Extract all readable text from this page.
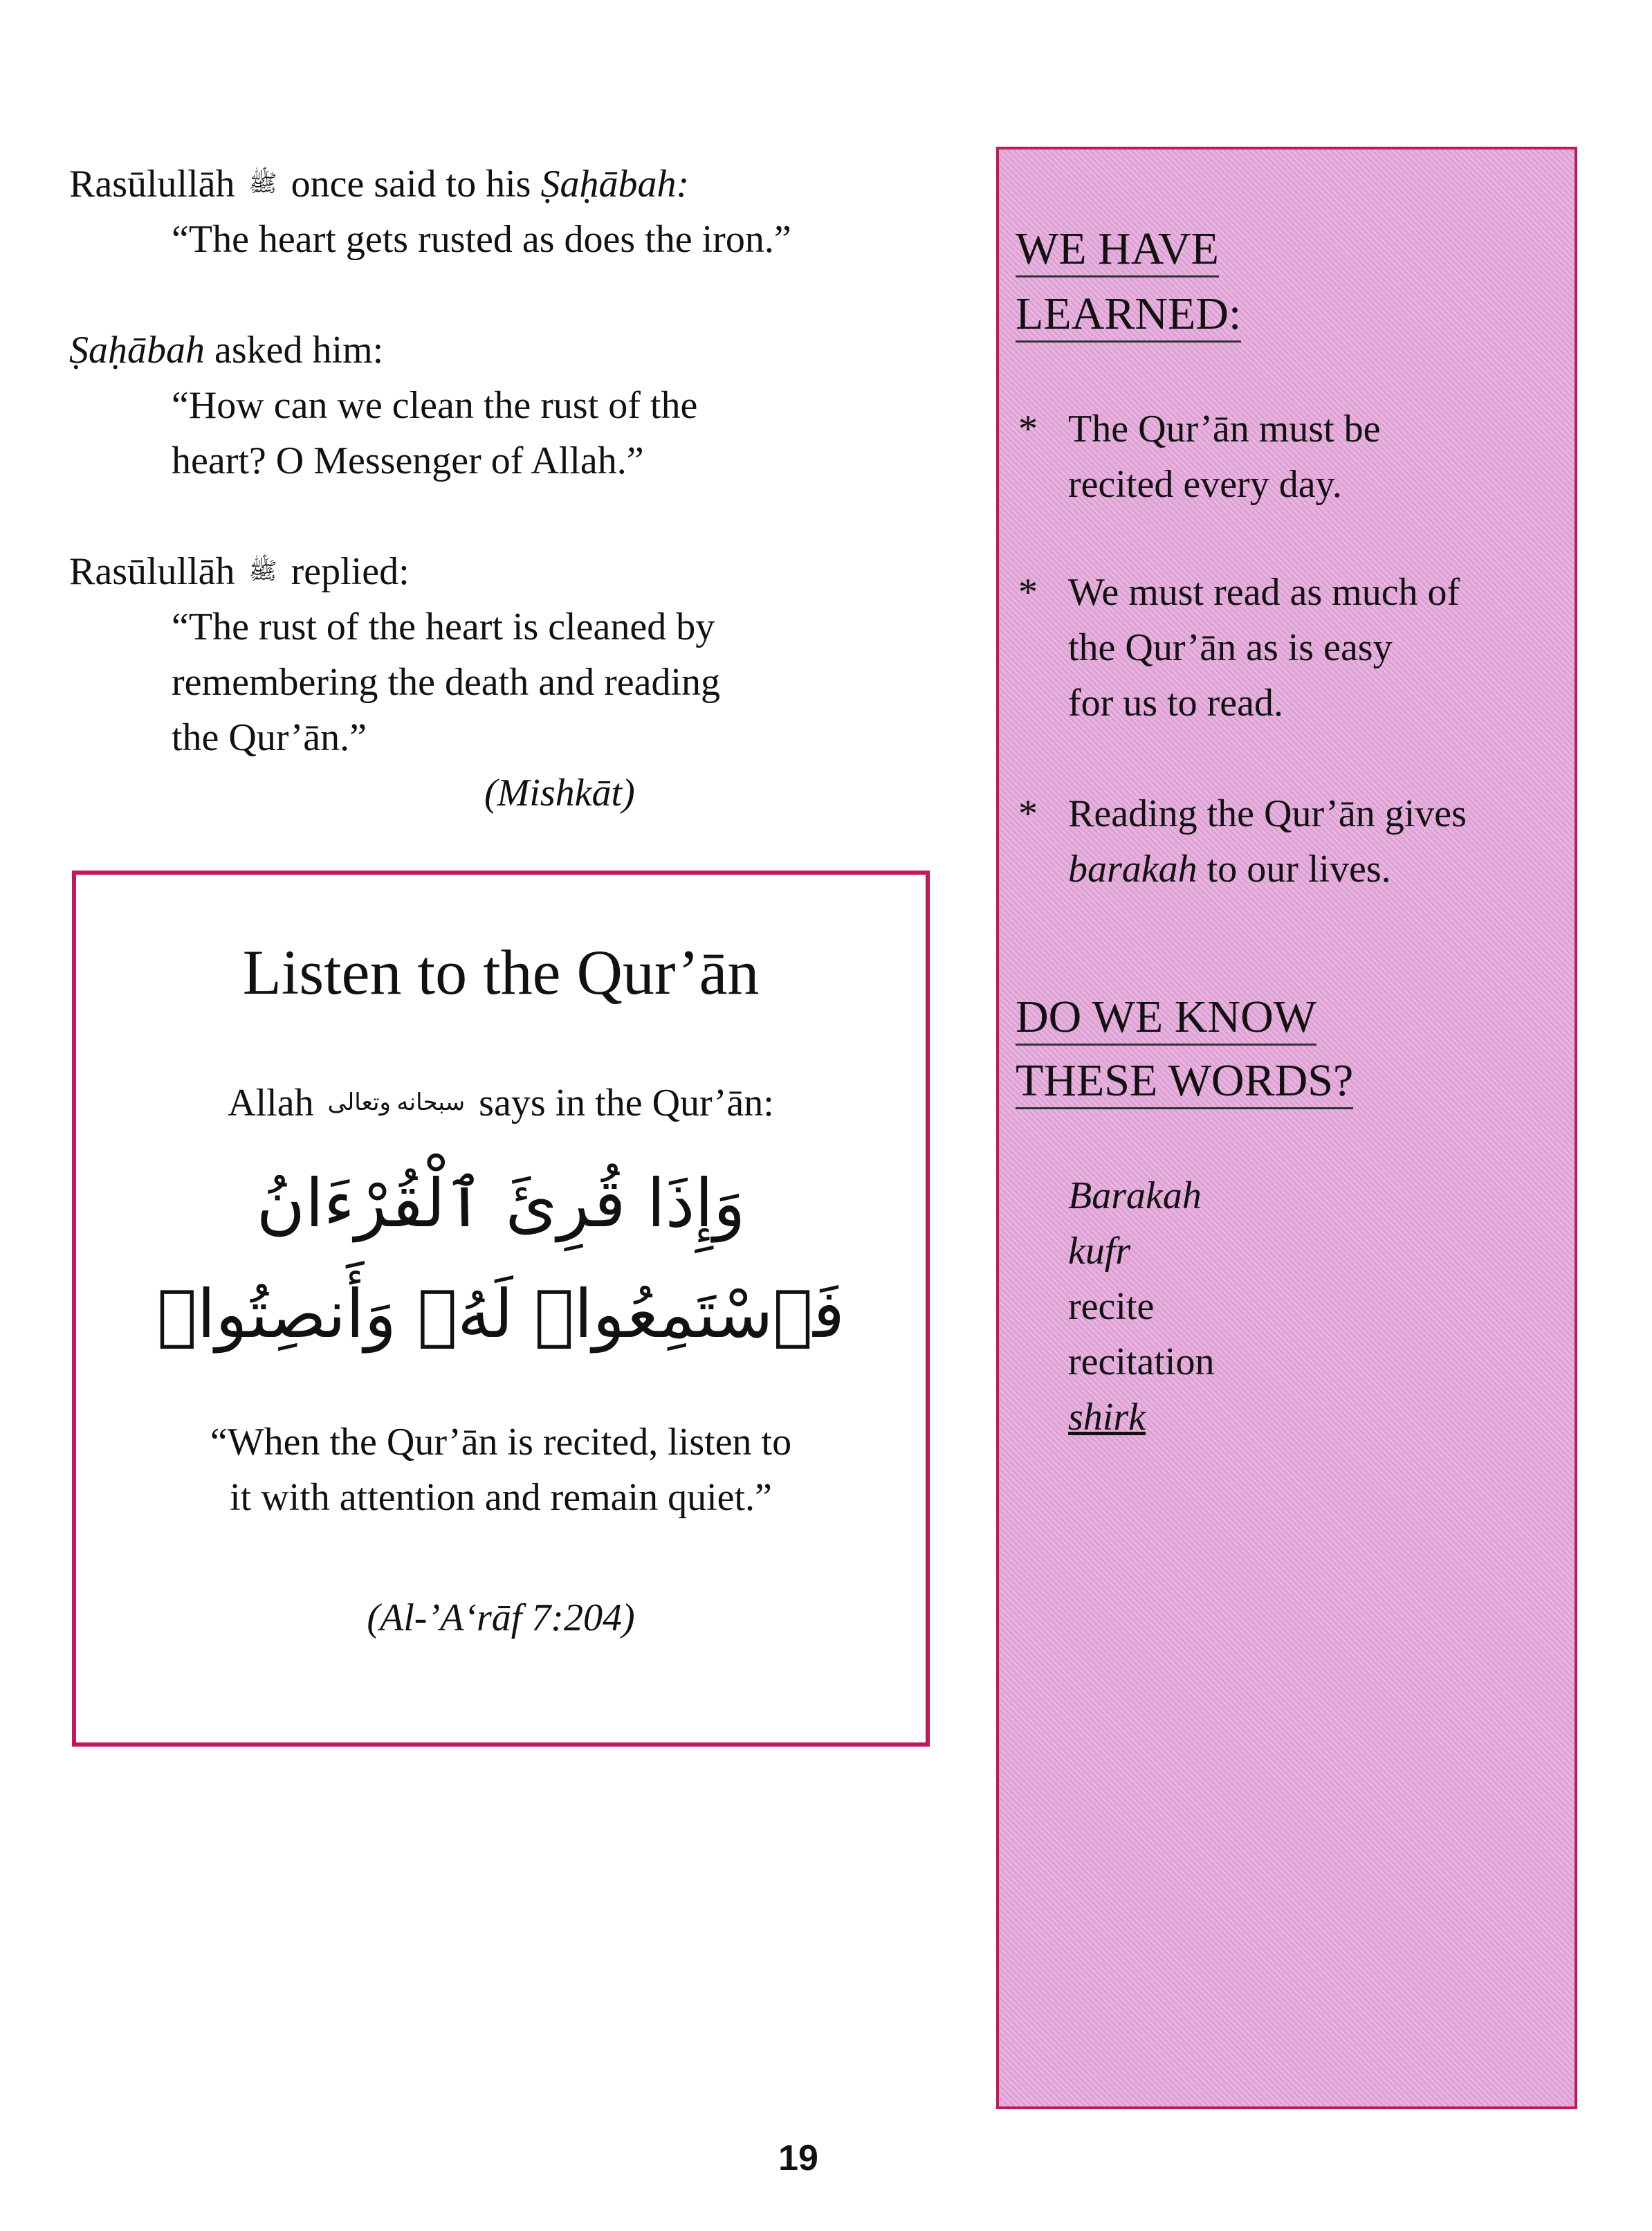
Rasūlullāh ﷺ once said to his Ṣaḥābah:
“The heart gets rusted as does the iron.”
Ṣaḥābah asked him:
“How can we clean the rust of the
heart? O Messenger of Allah.”
Rasūlullāh ﷺ replied:
“The rust of the heart is cleaned by
remembering the death and reading
the Qur’ān.”
(Mishkāt)
Listen to the Qur’ān
Allah سبحانه وتعالى says in the Qur’ān:
وَإِذَا قُرِئَ ٱلْقُرْءَانُ
فَٱسْتَمِعُوا۟ لَهُۥ وَأَنصِتُوا۟
“When the Qur’ān is recited, listen to
it with attention and remain quiet.”
(Al-’A‘rāf 7:204)
WE HAVE
LEARNED:
* The Qur’ān must be
recited every day.
* We must read as much of
the Qur’ān as is easy
for us to read.
* Reading the Qur’ān gives
barakah to our lives.
DO WE KNOW
THESE WORDS?
Barakah
kufr
recite
recitation
shirk
19
